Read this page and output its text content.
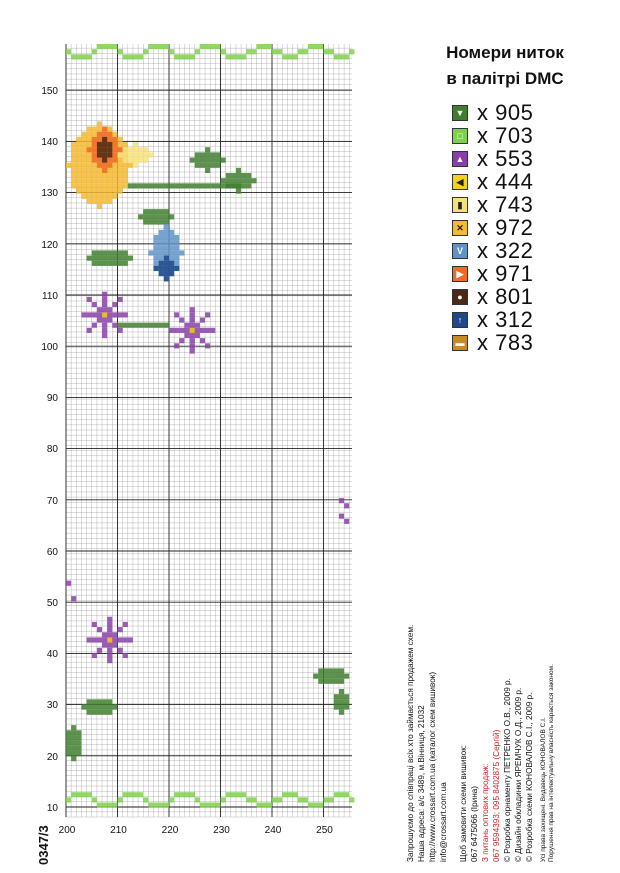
150
140
130
120
110
100
90
80
70
60
50
40
30
20
10
200	210	220	230	240	250
Номери ниток
в палітрі DMC
▼ x 905
□ x 703
▲ x 553
◀ x 444
▮ x 743
✕ x 972
V x 322
▶ x 971
● x 801
↑ x 312
▬ x 783
Запрошуємо до співпраці всіх хто займається продажем схем. Наша адреса: а/с 3489, м.Вінниця, 21032 http://www.crossart.com.ua (каталог схем вишивок) info@crossart.com.ua Щоб замовити схеми вишивок: 067 6475066 (Ірина) З питань оптових продаж: 067 9594393; 095 8402875 (Сергій) © Розробка орнаменту ПЕТРЕНКО О.В., 2009 р. © Дизайн обкладинки ЯРЕМЧУК О.Д., 2009 р. © Розробка схеми КОНОВАЛОВ С.І., 2009 р. Усі права захищені. Видавець КОНОВАЛОВ С.І. Порушення прав на інтелектуальну власність карається законом.
0347/3
